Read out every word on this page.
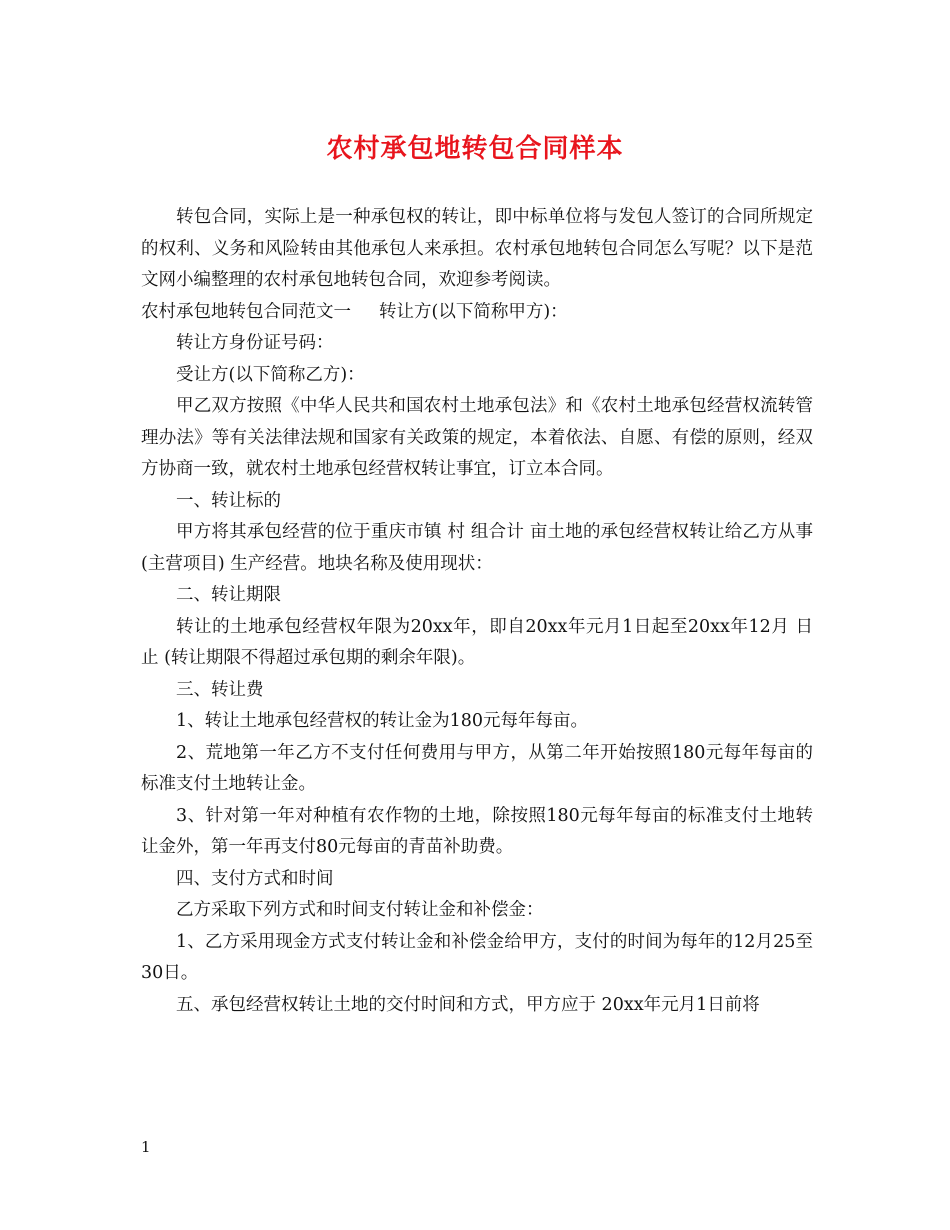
农村承包地转包合同样本

转包合同，实际上是一种承包权的转让，即中标单位将与发包人签订的合同所规定的权利、义务和风险转由其他承包人来承担。农村承包地转包合同怎么写呢？以下是范文网小编整理的农村承包地转包合同，欢迎参考阅读。

农村承包地转包合同范文一 转让方(以下简称甲方)：

转让方身份证号码：

受让方(以下简称乙方)：

甲乙双方按照《中华人民共和国农村土地承包法》和《农村土地承包经营权流转管理办法》等有关法律法规和国家有关政策的规定，本着依法、自愿、有偿的原则，经双方协商一致，就农村土地承包经营权转让事宜，订立本合同。

一、转让标的

甲方将其承包经营的位于重庆市镇 村 组合计 亩土地的承包经营权转让给乙方从事(主营项目) 生产经营。地块名称及使用现状：

二、转让期限

转让的土地承包经营权年限为20xx年，即自20xx年元月1日起至20xx年12月 日止 (转让期限不得超过承包期的剩余年限)。

三、转让费

1、转让土地承包经营权的转让金为180元每年每亩。

2、荒地第一年乙方不支付任何费用与甲方，从第二年开始按照180元每年每亩的标准支付土地转让金。

3、针对第一年对种植有农作物的土地，除按照180元每年每亩的标准支付土地转让金外，第一年再支付80元每亩的青苗补助费。

四、支付方式和时间

乙方采取下列方式和时间支付转让金和补偿金：

1、乙方采用现金方式支付转让金和补偿金给甲方，支付的时间为每年的12月25至30日。

五、承包经营权转让土地的交付时间和方式，甲方应于 20xx年元月1日前将

1
